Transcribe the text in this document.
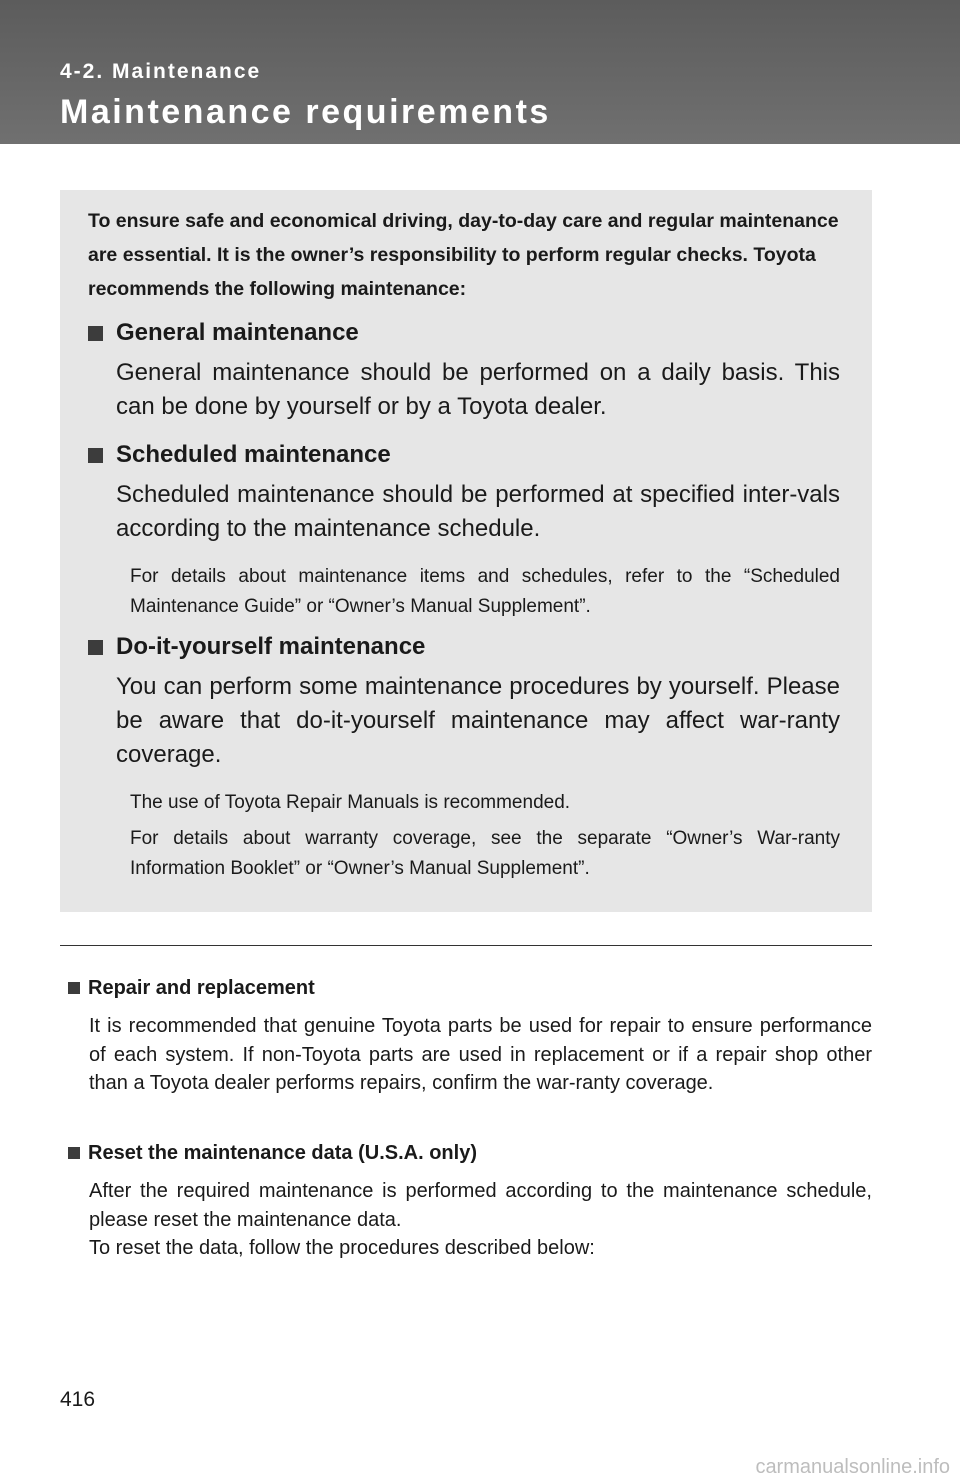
4-2. Maintenance

Maintenance requirements

To ensure safe and economical driving, day-to-day care and regular maintenance are essential. It is the owner’s responsibility to perform regular checks. Toyota recommends the following maintenance:

General maintenance

General maintenance should be performed on a daily basis. This can be done by yourself or by a Toyota dealer.

Scheduled maintenance

Scheduled maintenance should be performed at specified inter-vals according to the maintenance schedule.

For details about maintenance items and schedules, refer to the “Scheduled Maintenance Guide” or “Owner’s Manual Supplement”.

Do-it-yourself maintenance

You can perform some maintenance procedures by yourself. Please be aware that do-it-yourself maintenance may affect war-ranty coverage.

The use of Toyota Repair Manuals is recommended.

For details about warranty coverage, see the separate “Owner’s War-ranty Information Booklet” or “Owner’s Manual Supplement”.

Repair and replacement

It is recommended that genuine Toyota parts be used for repair to ensure performance of each system. If non-Toyota parts are used in replacement or if a repair shop other than a Toyota dealer performs repairs, confirm the war-ranty coverage.

Reset the maintenance data (U.S.A. only)

After the required maintenance is performed according to the maintenance schedule, please reset the maintenance data.
To reset the data, follow the procedures described below:

416

carmanualsonline.info
